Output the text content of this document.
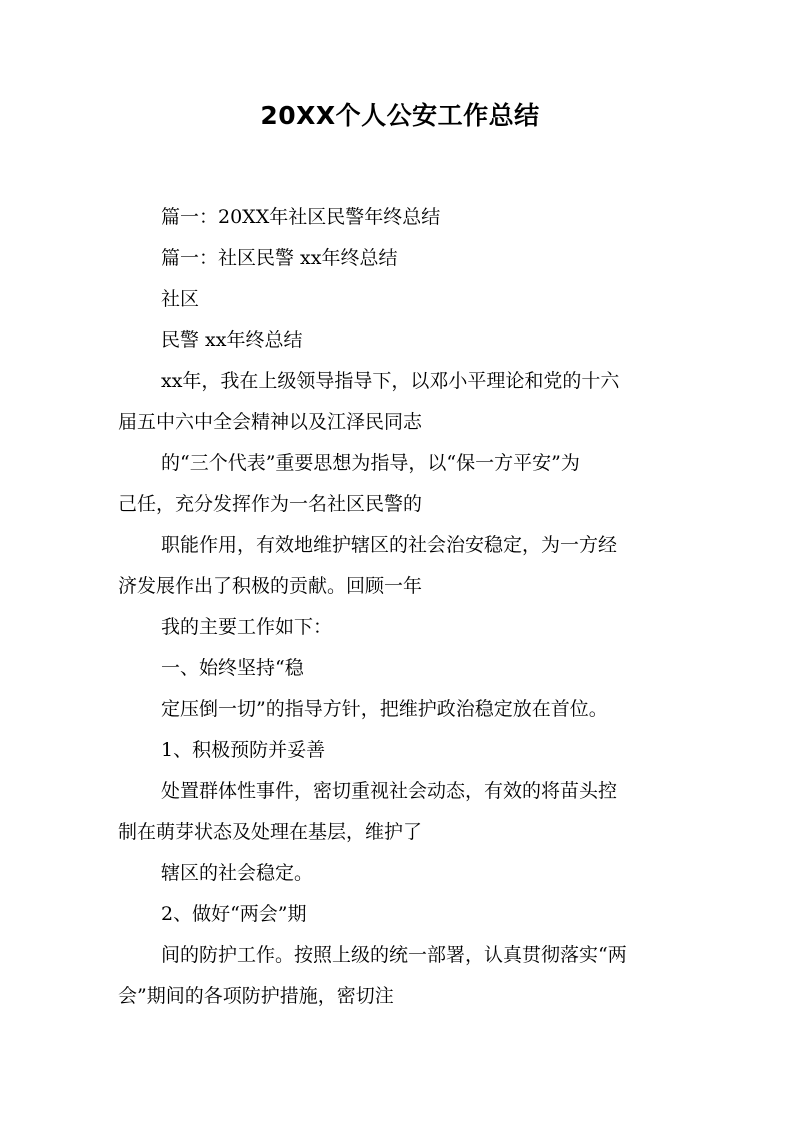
20XX个人公安工作总结

篇一：20XX年社区民警年终总结

篇一：社区民警 xx年终总结

社区

民警 xx年终总结

xx年，我在上级领导指导下，以邓小平理论和党的十六

届五中六中全会精神以及江泽民同志

的“三个代表”重要思想为指导，以“保一方平安”为

己任，充分发挥作为一名社区民警的

职能作用，有效地维护辖区的社会治安稳定，为一方经

济发展作出了积极的贡献。回顾一年

我的主要工作如下：

一、始终坚持“稳

定压倒一切”的指导方针，把维护政治稳定放在首位。

1、积极预防并妥善

处置群体性事件，密切重视社会动态，有效的将苗头控

制在萌芽状态及处理在基层，维护了

辖区的社会稳定。

2、做好“两会”期

间的防护工作。按照上级的统一部署，认真贯彻落实“两

会”期间的各项防护措施，密切注
